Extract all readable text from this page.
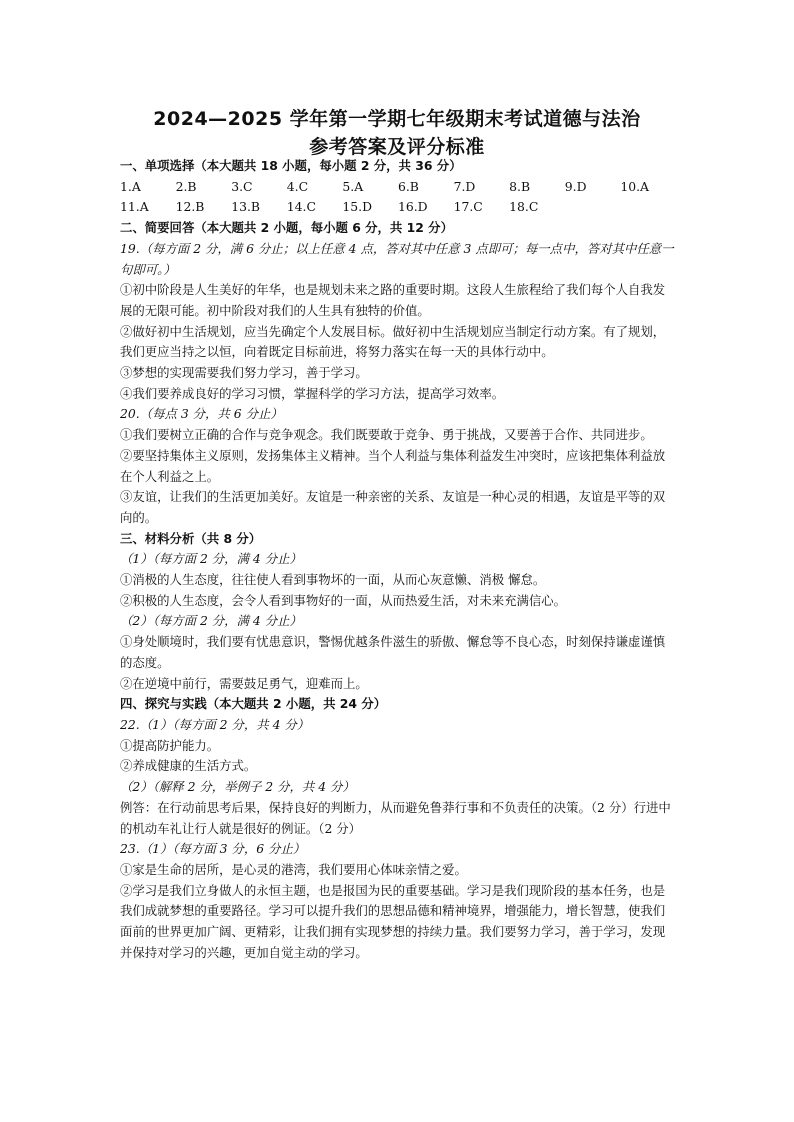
2024—2025 学年第一学期七年级期末考试道德与法治
参考答案及评分标准

一、单项选择（本大题共 18 小题，每小题 2 分，共 36 分）

1.A	2.B	3.C	4.C	5.A	6.B	7.D	8.B	9.D	10.A
11.A	12.B	13.B	14.C	15.D	16.D	17.C	18.C

二、简要回答（本大题共 2 小题，每小题 6 分，共 12 分）

19.（每方面 2 分，满 6 分止；以上任意 4 点，答对其中任意 3 点即可；每一点中，答对其中任意一句即可。）

①初中阶段是人生美好的年华，也是规划未来之路的重要时期。这段人生旅程给了我们每个人自我发展的无限可能。初中阶段对我们的人生具有独特的价值。

②做好初中生活规划，应当先确定个人发展目标。做好初中生活规划应当制定行动方案。有了规划，我们更应当持之以恒，向着既定目标前进，将努力落实在每一天的具体行动中。

③梦想的实现需要我们努力学习，善于学习。

④我们要养成良好的学习习惯，掌握科学的学习方法，提高学习效率。

20.（每点 3 分，共 6 分止）

①我们要树立正确的合作与竞争观念。我们既要敢于竞争、勇于挑战，又要善于合作、共同进步。

②要坚持集体主义原则，发扬集体主义精神。当个人利益与集体利益发生冲突时，应该把集体利益放在个人利益之上。

③友谊，让我们的生活更加美好。友谊是一种亲密的关系、友谊是一种心灵的相遇，友谊是平等的双向的。

三、材料分析（共 8 分）

（1）（每方面 2 分，满 4 分止）

①消极的人生态度，往往使人看到事物坏的一面，从而心灰意懒、消极 懈怠。

②积极的人生态度，会令人看到事物好的一面，从而热爱生活，对未来充满信心。

（2）（每方面 2 分，满 4 分止）

①身处顺境时，我们要有忧患意识，警惕优越条件滋生的骄傲、懈怠等不良心态，时刻保持谦虚谨慎的态度。

②在逆境中前行，需要鼓足勇气，迎难而上。

四、探究与实践（本大题共 2 小题，共 24 分）

22.（1）（每方面 2 分，共 4 分）

①提高防护能力。

②养成健康的生活方式。

（2）（解释 2 分，举例子 2 分，共 4 分）

例答：在行动前思考后果，保持良好的判断力，从而避免鲁莽行事和不负责任的决策。（2 分）行进中的机动车礼让行人就是很好的例证。（2 分）

23.（1）（每方面 3 分，6 分止）

①家是生命的居所，是心灵的港湾，我们要用心体味亲情之爱。

②学习是我们立身做人的永恒主题，也是报国为民的重要基础。学习是我们现阶段的基本任务，也是我们成就梦想的重要路径。学习可以提升我们的思想品德和精神境界，增强能力，增长智慧，使我们面前的世界更加广阔、更精彩，让我们拥有实现梦想的持续力量。我们要努力学习，善于学习，发现并保持对学习的兴趣，更加自觉主动的学习。
